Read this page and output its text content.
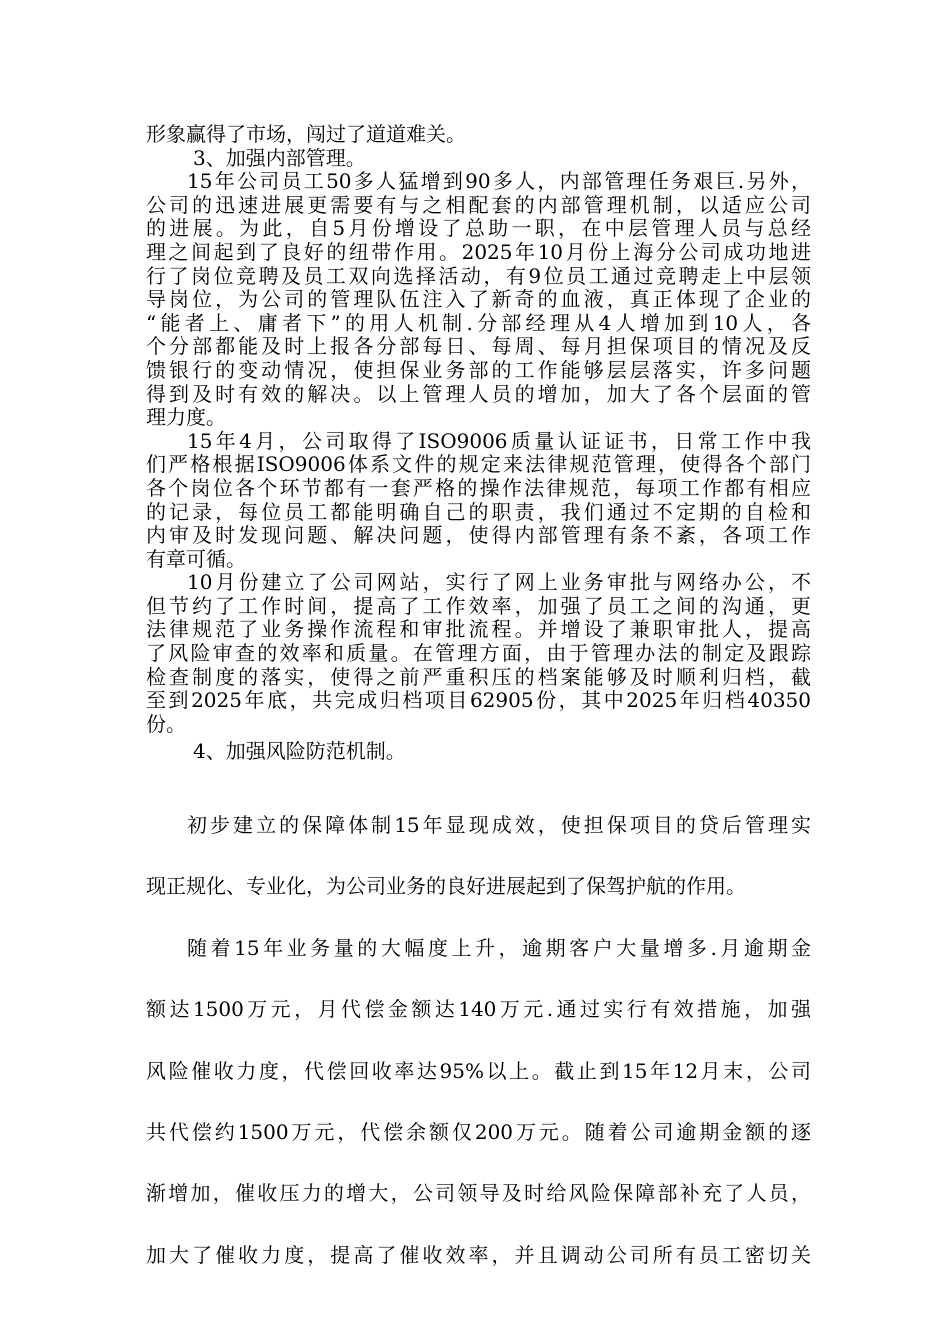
形象赢得了市场，闯过了道道难关。
3、加强内部管理。
15年公司员工50多人猛增到90多人，内部管理任务艰巨.另外，
公司的迅速进展更需要有与之相配套的内部管理机制，以适应公司
的进展。为此，自5月份增设了总助一职，在中层管理人员与总经
理之间起到了良好的纽带作用。2025年10月份上海分公司成功地进
行了岗位竞聘及员工双向选择活动，有9位员工通过竞聘走上中层领
导岗位，为公司的管理队伍注入了新奇的血液，真正体现了企业的
“能者上、庸者下”的用人机制.分部经理从4人增加到10人，各
个分部都能及时上报各分部每日、每周、每月担保项目的情况及反
馈银行的变动情况，使担保业务部的工作能够层层落实，许多问题
得到及时有效的解决。以上管理人员的增加，加大了各个层面的管
理力度。
15年4月，公司取得了ISO9006质量认证证书，日常工作中我
们严格根据ISO9006体系文件的规定来法律规范管理，使得各个部门
各个岗位各个环节都有一套严格的操作法律规范，每项工作都有相应
的记录，每位员工都能明确自己的职责，我们通过不定期的自检和
内审及时发现问题、解决问题，使得内部管理有条不紊，各项工作
有章可循。
10月份建立了公司网站，实行了网上业务审批与网络办公，不
但节约了工作时间，提高了工作效率，加强了员工之间的沟通，更
法律规范了业务操作流程和审批流程。并增设了兼职审批人，提高
了风险审查的效率和质量。在管理方面，由于管理办法的制定及跟踪
检查制度的落实，使得之前严重积压的档案能够及时顺利归档，截
至到2025年底，共完成归档项目62905份，其中2025年归档40350
份。
4、加强风险防范机制。
初步建立的保障体制15年显现成效，使担保项目的贷后管理实
现正规化、专业化，为公司业务的良好进展起到了保驾护航的作用。
随着15年业务量的大幅度上升，逾期客户大量增多.月逾期金
额达1500万元，月代偿金额达140万元.通过实行有效措施，加强
风险催收力度，代偿回收率达95%以上。截止到15年12月末，公司
共代偿约1500万元，代偿余额仅200万元。随着公司逾期金额的逐
渐增加，催收压力的增大，公司领导及时给风险保障部补充了人员，
加大了催收力度，提高了催收效率，并且调动公司所有员工密切关
